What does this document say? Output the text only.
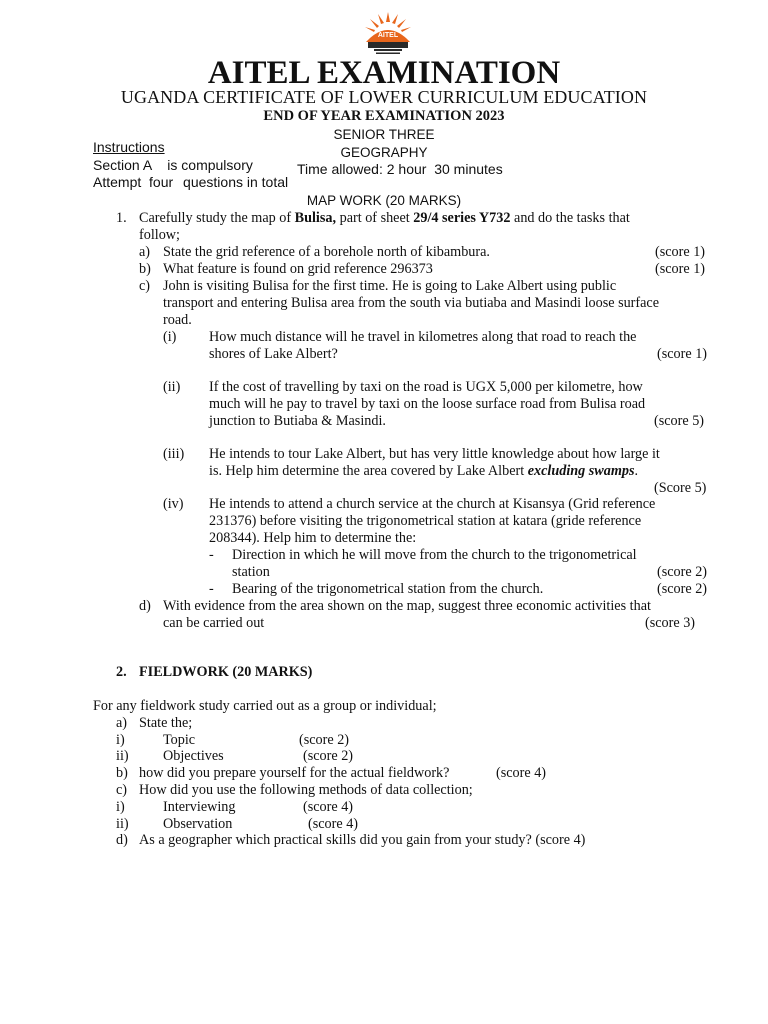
AITEL
AITEL EXAMINATION
UGANDA CERTIFICATE OF LOWER CURRICULUM EDUCATION
END OF YEAR EXAMINATION 2023
SENIOR THREE
GEOGRAPHY
Instructions
Section A is compulsory	Time allowed: 2 hour  30 minutes
Attempt  four questions in total
MAP WORK (20 MARKS)
1. Carefully study the map of Bulisa, part of sheet 29/4 series Y732 and do the tasks that
follow;
a) State the grid reference of a borehole north of kibambura.	(score 1)
b) What feature is found on grid reference 296373	(score 1)
c) John is visiting Bulisa for the first time. He is going to Lake Albert using public
transport and entering Bulisa area from the south via butiaba and Masindi loose surface
road.
(i) How much distance will he travel in kilometres along that road to reach the
shores of Lake Albert?	(score 1)
(ii) If the cost of travelling by taxi on the road is UGX 5,000 per kilometre, how
much will he pay to travel by taxi on the loose surface road from Bulisa road
junction to Butiaba & Masindi.	(score 5)
(iii) He intends to tour Lake Albert, but has very little knowledge about how large it
is. Help him determine the area covered by Lake Albert excluding swamps.
(Score 5)
(iv) He intends to attend a church service at the church at Kisansya (Grid reference
231376) before visiting the trigonometrical station at katara (gride reference
208344). Help him to determine the:
- Direction in which he will move from the church to the trigonometrical
station	(score 2)
- Bearing of the trigonometrical station from the church.	(score 2)
d) With evidence from the area shown on the map, suggest three economic activities that
can be carried out	(score 3)
2. FIELDWORK (20 MARKS)
For any fieldwork study carried out as a group or individual;
a) State the;
i)	Topic	(score 2)
ii) Objectives	(score 2)
b) how did you prepare yourself for the actual fieldwork?	(score 4)
c) How did you use the following methods of data collection;
i)	Interviewing	(score 4)
ii) Observation	(score 4)
d) As a geographer which practical skills did you gain from your study? (score 4)
